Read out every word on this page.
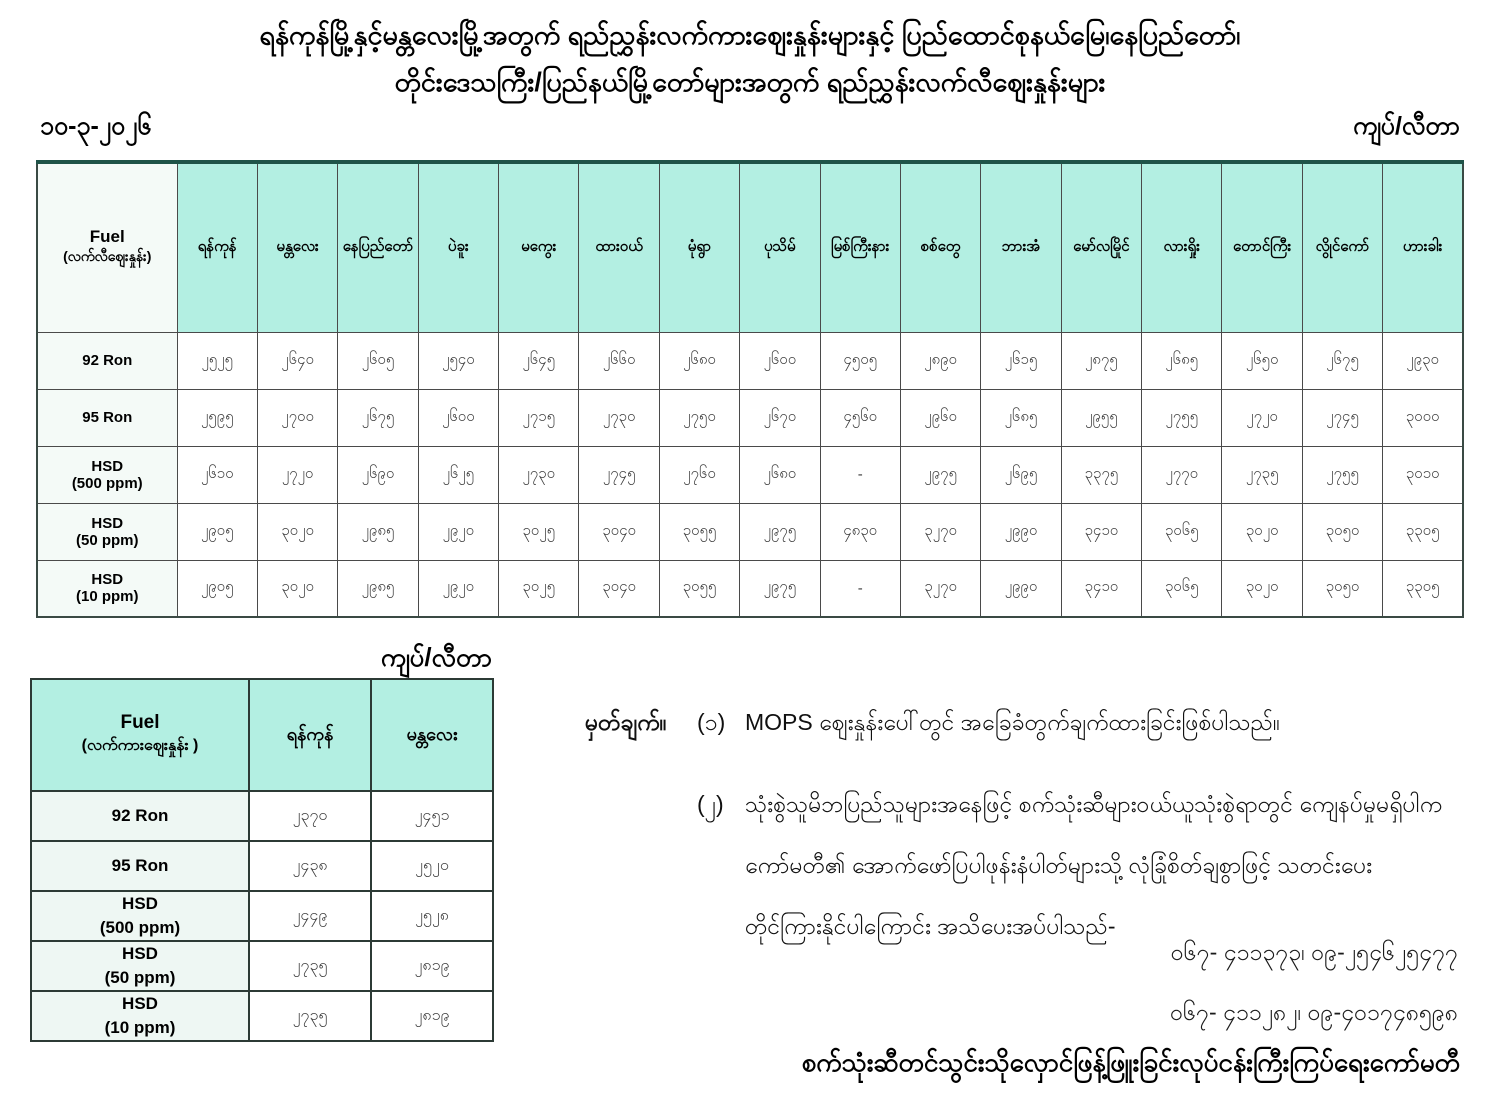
ရန်ကုန်မြို့နှင့်မန္တလေးမြို့အတွက် ရည်ညွှန်းလက်ကားဈေးနှုန်းများနှင့် ပြည်ထောင်စုနယ်မြေ၊နေပြည်တော်၊
တိုင်းဒေသကြီး/ပြည်နယ်မြို့တော်များအတွက် ရည်ညွှန်းလက်လီဈေးနှုန်းများ
၁၀-၃-၂၀၂၆	ကျပ်/လီတာ
Fuel
(လက်လီဈေးနှုန်း)	ရန်ကုန်	မန္တလေး	နေပြည်တော်	ပဲခူး	မကွေး	ထားဝယ်	မုံရွာ	ပုသိမ်	မြစ်ကြီးနား	စစ်တွေ	ဘားအံ	မော်လမြိုင်	လားရှိုး	တောင်ကြီး	လွိုင်ကော်	ဟားခါး

92 Ron	၂၅၂၅	၂၆၄၀	၂၆၀၅	၂၅၄၀	၂၆၄၅	၂၆၆၀	၂၆၈၀	၂၆၀၀	၄၅၀၅	၂၈၉၀	၂၆၁၅	၂၈၇၅	၂၆၈၅	၂၆၅၀	၂၆၇၅	၂၉၃၀

95 Ron	၂၅၉၅	၂၇၀၀	၂၆၇၅	၂၆၀၀	၂၇၁၅	၂၇၃၀	၂၇၅၀	၂၆၇၀	၄၅၆၀	၂၉၆၀	၂၆၈၅	၂၉၅၅	၂၇၅၅	၂၇၂၀	၂၇၄၅	၃၀၀၀

HSD
(500 ppm)	၂၆၁၀	၂၇၂၀	၂၆၉၀	၂၆၂၅	၂၇၃၀	၂၇၄၅	၂၇၆၀	၂၆၈၀	-	၂၉၇၅	၂၆၉၅	၃၃၇၅	၂၇၇၀	၂၇၃၅	၂၇၅၅	၃၀၁၀

HSD
(50 ppm)	၂၉၀၅	၃၀၂၀	၂၉၈၅	၂၉၂၀	၃၀၂၅	၃၀၄၀	၃၀၅၅	၂၉၇၅	၄၈၃၀	၃၂၇၀	၂၉၉၀	၃၄၁၀	၃၀၆၅	၃၀၂၀	၃၀၅၀	၃၃၀၅

HSD
(10 ppm)	၂၉၀၅	၃၀၂၀	၂၉၈၅	၂၉၂၀	၃၀၂၅	၃၀၄၀	၃၀၅၅	၂၉၇၅	-	၃၂၇၀	၂၉၉၀	၃၄၁၀	၃၀၆၅	၃၀၂၀	၃၀၅၀	၃၃၀၅
ကျပ်/လီတာ
Fuel
(လက်ကားဈေးနှုန်း )	ရန်ကုန်	မန္တလေး

92 Ron	၂၃၇၀	၂၄၅၁

95 Ron	၂၄၃၈	၂၅၂၀

HSD
(500 ppm)	၂၄၄၉	၂၅၂၈

HSD
(50 ppm)	၂၇၃၅	၂၈၁၉

HSD
(10 ppm)	၂၇၃၅	၂၈၁၉
မှတ်ချက်။	(၁) MOPS ဈေးနှုန်းပေါ်တွင် အခြေခံတွက်ချက်ထားခြင်းဖြစ်ပါသည်။
(၂) သုံးစွဲသူမိဘပြည်သူများအနေဖြင့် စက်သုံးဆီများဝယ်ယူသုံးစွဲရာတွင် ကျေနပ်မှုမရှိပါက
ကော်မတီ၏ အောက်ဖော်ပြပါဖုန်းနံပါတ်များသို့ လုံခြုံစိတ်ချစွာဖြင့် သတင်းပေး
တိုင်ကြားနိုင်ပါကြောင်း အသိပေးအပ်ပါသည်-
၀၆၇- ၄၁၁၃၇၃၊ ၀၉-၂၅၄၆၂၅၄၇၇
၀၆၇- ၄၁၁၂၈၂၊ ၀၉-၄၀၁၇၄၈၅၉၈
စက်သုံးဆီတင်သွင်းသိုလှောင်ဖြန့်ဖြူးခြင်းလုပ်ငန်းကြီးကြပ်ရေးကော်မတီ
